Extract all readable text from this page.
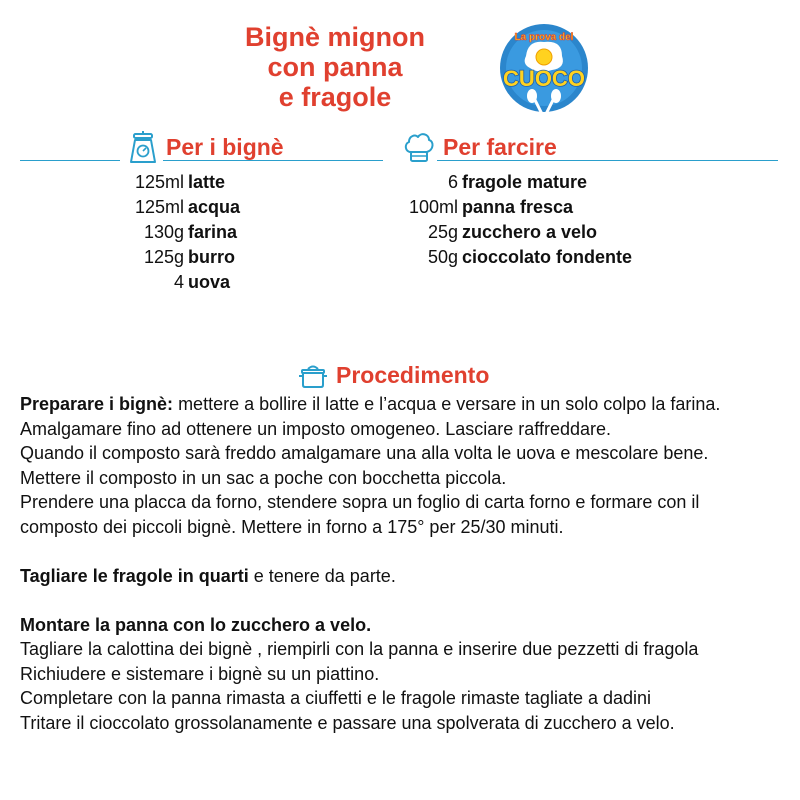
Bignè mignon
con panna
e fragole
La prova del
CUOCO
Per i bignè	Per farcire
125ml latte
125ml acqua
130g farina
125g burro
4 uova
6 fragole mature
100ml panna fresca
25g zucchero a velo
50g cioccolato fondente
Procedimento

Preparare i bignè: mettere a bollire il latte e l’acqua e versare in un solo colpo la farina.

Amalgamare fino ad ottenere un imposto omogeneo. Lasciare raffreddare.

Quando il composto sarà freddo amalgamare una alla volta le uova e mescolare bene.

Mettere il composto in un sac a poche con bocchetta piccola.

Prendere una placca da forno, stendere sopra un foglio di carta forno e formare con il

composto dei piccoli bignè. Mettere in forno a 175° per 25/30 minuti.

Tagliare le fragole in quarti e tenere da parte.

Montare la panna con lo zucchero a velo.

Tagliare la calottina dei bignè , riempirli con la panna e inserire due pezzetti di fragola

Richiudere e sistemare i bignè su un piattino.

Completare con la panna rimasta a ciuffetti e le fragole rimaste tagliate a dadini

Tritare il cioccolato grossolanamente e passare una spolverata di zucchero a velo.
